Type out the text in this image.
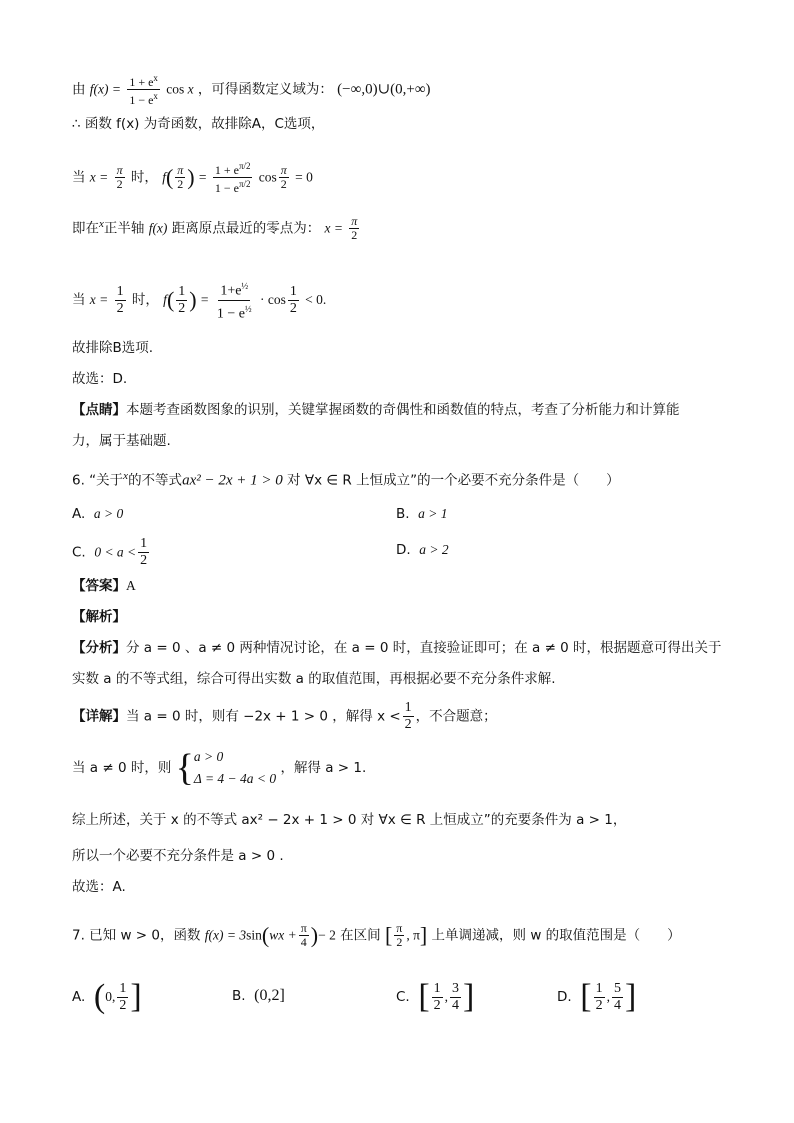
由 $f(x) = \frac{1 + e^x}{1 - e^x}$ cos x ，可得函数定义域为： (−∞,0)∪(0,+∞)
∴ 函数 f(x) 为奇函数，故排除A，C选项，
当 $x = \frac{\pi}{2}$ 时， $f( \frac{\pi}{2}$ ) = $\frac{1 + e^{\pi/2}}{1 - e^{\pi/2}}$ $\cos \frac{\pi}{2} = 0$
即在$^x$正半轴 f(x) 距离原点最近的零点为： $x = \frac{\pi}{2}$
当 $x = \frac{1}{2}$ 时， $f( \frac{1}{2}$ ) = $\frac{1+e^{\frac{1}{2}}}{1 - e^{\frac{1}{2}}} \cdot \cos \frac{1}{2} < 0$.
故排除B选项.
故选：D.
【点睛】本题考查函数图象的识别，关键掌握函数的奇偶性和函数值的特点，考查了分析能力和计算能
力，属于基础题.
6. “关于$^x$的不等式ax² − 2x + 1 > 0 对 ∀x ∈ R 上恒成立”的一个必要不充分条件是（　　）
A. a > 0	B. a > 1
C. $0 < a < \frac{1}{2}$	D. a > 2
【答案】A
【解析】
【分析】分 a = 0 、a ≠ 0 两种情况讨论，在 a = 0 时，直接验证即可；在 a ≠ 0 时，根据题意可得出关于
实数 a 的不等式组，综合可得出实数 a 的取值范围，再根据必要不充分条件求解.
【详解】当 a = 0 时，则有 −2x + 1 > 0 ，解得 $x < \frac{1}{2}$ ，不合题意；
当 a ≠ 0 时，则 { a > 0
Δ = 4 − 4a < 0
，解得 a > 1.
综上所述，关于 x 的不等式 ax² − 2x + 1 > 0 对 ∀x ∈ R 上恒成立”的充要条件为 a > 1，
所以一个必要不充分条件是 a > 0 .
故选：A.
7. 已知 w > 0，函数 $f(x) = 3\sin(wx + \frac{\pi}{4}$ )− 2 在区间 [ $\frac{\pi}{2}$ , π] 上单调递减，则 w 的取值范围是（　　）
A. (0, $\frac{1}{2}$ ]	B. (0,2]	C. [ $\frac{1}{2}$ , $\frac{3}{4}$ ]	D. [ $\frac{1}{2}$ , $\frac{5}{4}$ ]
